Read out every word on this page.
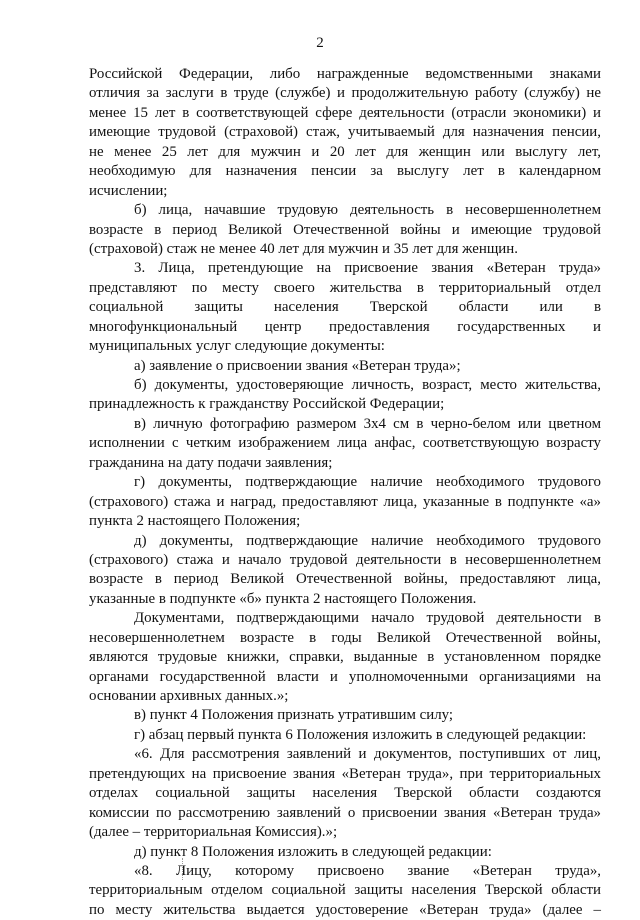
2
Российской Федерации, либо награжденные ведомственными знаками
отличия за заслуги в труде (службе) и продолжительную работу (службу) не
менее 15 лет в соответствующей сфере деятельности (отрасли экономики) и
имеющие трудовой (страховой) стаж, учитываемый для назначения пенсии,
не менее 25 лет для мужчин и 20 лет для женщин или выслугу лет,
необходимую для назначения пенсии за выслугу лет в календарном
исчислении;
б) лица, начавшие трудовую деятельность в несовершеннолетнем
возрасте в период Великой Отечественной войны и имеющие трудовой
(страховой) стаж не менее 40 лет для мужчин и 35 лет для женщин.
3. Лица, претендующие на присвоение звания «Ветеран труда»
представляют по месту своего жительства в территориальный отдел
социальной защиты населения Тверской области или в
многофункциональный центр предоставления государственных и
муниципальных услуг следующие документы:
а) заявление о присвоении звания «Ветеран труда»;
б) документы, удостоверяющие личность, возраст, место жительства,
принадлежность к гражданству Российской Федерации;
в) личную фотографию размером 3х4 см в черно-белом или цветном
исполнении с четким изображением лица анфас, соответствующую возрасту
гражданина на дату подачи заявления;
г) документы, подтверждающие наличие необходимого трудового
(страхового) стажа и наград, предоставляют лица, указанные в подпункте «а»
пункта 2 настоящего Положения;
д) документы, подтверждающие наличие необходимого трудового
(страхового) стажа и начало трудовой деятельности в несовершеннолетнем
возрасте в период Великой Отечественной войны, предоставляют лица,
указанные в подпункте «б» пункта 2 настоящего Положения.
Документами, подтверждающими начало трудовой деятельности в
несовершеннолетнем возрасте в годы Великой Отечественной войны,
являются трудовые книжки, справки, выданные в установленном порядке
органами государственной власти и уполномоченными организациями на
основании архивных данных.»;
в) пункт 4 Положения признать утратившим силу;
г) абзац первый пункта 6 Положения изложить в следующей редакции:
«6. Для рассмотрения заявлений и документов, поступивших от лиц,
претендующих на присвоение звания «Ветеран труда», при территориальных
отделах социальной защиты населения Тверской области создаются
комиссии по рассмотрению заявлений о присвоении звания «Ветеран труда»
(далее – территориальная Комиссия).»;
д) пункт 8 Положения изложить в следующей редакции:
«8. Лицу, которому присвоено звание «Ветеран труда»,
территориальным отделом социальной защиты населения Тверской области
по месту жительства выдается удостоверение «Ветеран труда» (далее –
